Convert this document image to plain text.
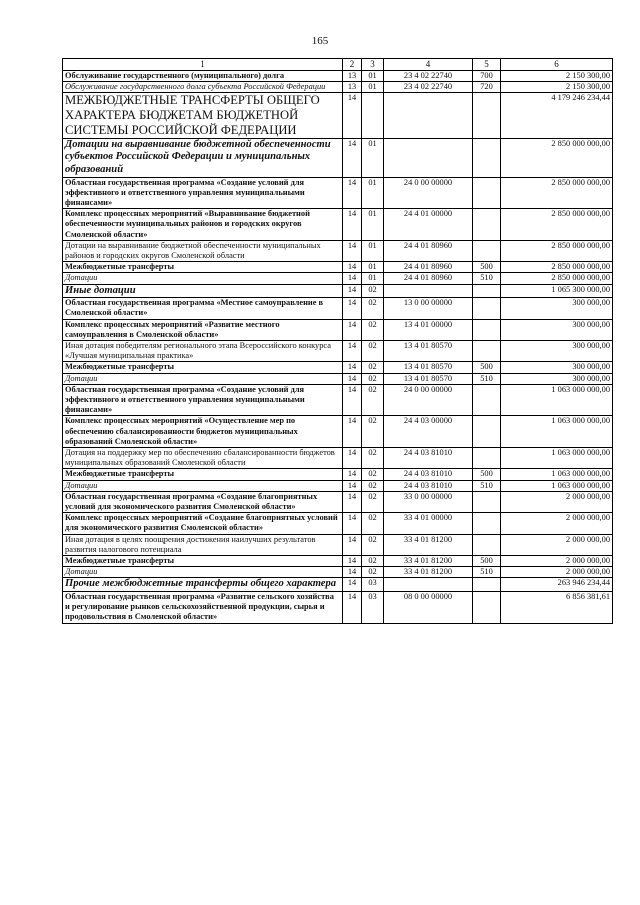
165
1	2	3	4	5	6
Обслуживание государственного (муниципального) долга	13	01	23 4 02 22740	700	2 150 300,00
Обслуживание государственного долга субъекта Российской Федерации	13	01	23 4 02 22740	720	2 150 300,00
МЕЖБЮДЖЕТНЫЕ ТРАНСФЕРТЫ ОБЩЕГО ХАРАКТЕРА БЮДЖЕТАМ БЮДЖЕТНОЙ СИСТЕМЫ РОССИЙСКОЙ ФЕДЕРАЦИИ	14				4 179 246 234,44
Дотации на выравнивание бюджетной обеспеченности субъектов Российской Федерации и муниципальных образований	14	01			2 850 000 000,00
Областная государственная программа «Создание условий для эффективного и ответственного управления муниципальными финансами»	14	01	24 0 00 00000		2 850 000 000,00
Комплекс процессных мероприятий «Выравнивание бюджетной обеспеченности муниципальных районов и городских округов Смоленской области»	14	01	24 4 01 00000		2 850 000 000,00
Дотации на выравнивание бюджетной обеспеченности муниципальных районов и городских округов Смоленской области	14	01	24 4 01 80960		2 850 000 000,00
Межбюджетные трансферты	14	01	24 4 01 80960	500	2 850 000 000,00
Дотации	14	01	24 4 01 80960	510	2 850 000 000,00
Иные дотации	14	02			1 065 300 000,00
Областная государственная программа «Местное самоуправление в Смоленской области»	14	02	13 0 00 00000		300 000,00
Комплекс процессных мероприятий «Развитие местного самоуправления в Смоленской области»	14	02	13 4 01 00000		300 000,00
Иная дотация победителям регионального этапа Всероссийского конкурса «Лучшая муниципальная практика»	14	02	13 4 01 80570		300 000,00
Межбюджетные трансферты	14	02	13 4 01 80570	500	300 000,00
Дотации	14	02	13 4 01 80570	510	300 000,00
Областная государственная программа «Создание условий для эффективного и ответственного управления муниципальными финансами»	14	02	24 0 00 00000		1 063 000 000,00
Комплекс процессных мероприятий «Осуществление мер по обеспечению сбалансированности бюджетов муниципальных образований Смоленской области»	14	02	24 4 03 00000		1 063 000 000,00
Дотация на поддержку мер по обеспечению сбалансированности бюджетов муниципальных образований Смоленской области	14	02	24 4 03 81010		1 063 000 000,00
Межбюджетные трансферты	14	02	24 4 03 81010	500	1 063 000 000,00
Дотации	14	02	24 4 03 81010	510	1 063 000 000,00
Областная государственная программа «Создание благоприятных условий для экономического развития Смоленской области»	14	02	33 0 00 00000		2 000 000,00
Комплекс процессных мероприятий «Создание благоприятных условий для экономического развития Смоленской области»	14	02	33 4 01 00000		2 000 000,00
Иная дотация в целях поощрения достижения наилучших результатов развития налогового потенциала	14	02	33 4 01 81200		2 000 000,00
Межбюджетные трансферты	14	02	33 4 01 81200	500	2 000 000,00
Дотации	14	02	33 4 01 81200	510	2 000 000,00
Прочие межбюджетные трансферты общего характера	14	03			263 946 234,44
Областная государственная программа «Развитие сельского хозяйства и регулирование рынков сельскохозяйственной продукции, сырья и продовольствия в Смоленской области»	14	03	08 0 00 00000		6 856 381,61
